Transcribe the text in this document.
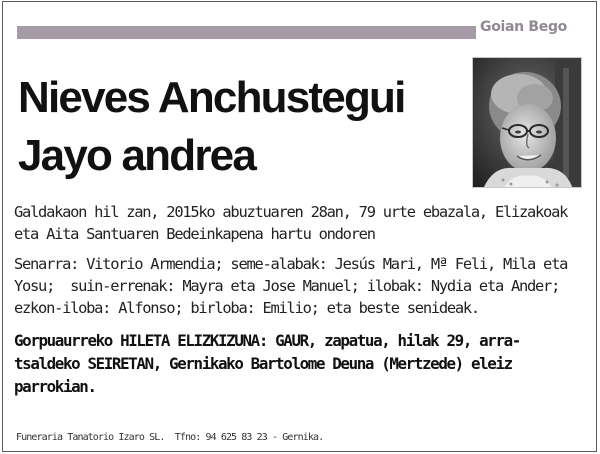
Goian Bego
Nieves Anchustegui
Jayo andrea

Galdakaon hil zan, 2015ko abuztuaren 28an, 79 urte ebazala, Elizakoak
eta Aita Santuaren Bedeinkapena hartu ondoren

Senarra: Vitorio Armendia; seme-alabak: Jesús Mari, Mª Feli, Mila eta
Yosu;  suin-errenak: Mayra eta Jose Manuel; ilobak: Nydia eta Ander;
ezkon-iloba: Alfonso; birloba: Emilio; eta beste senideak.

Gorpuaurreko HILETA ELIZKIZUNA: GAUR, zapatua, hilak 29, arra-
tsaldeko SEIRETAN, Gernikako Bartolome Deuna (Mertzede) eleiz
parrokian.

Funeraria Tanatorio Izaro SL.  Tfno: 94 625 83 23 - Gernika.
